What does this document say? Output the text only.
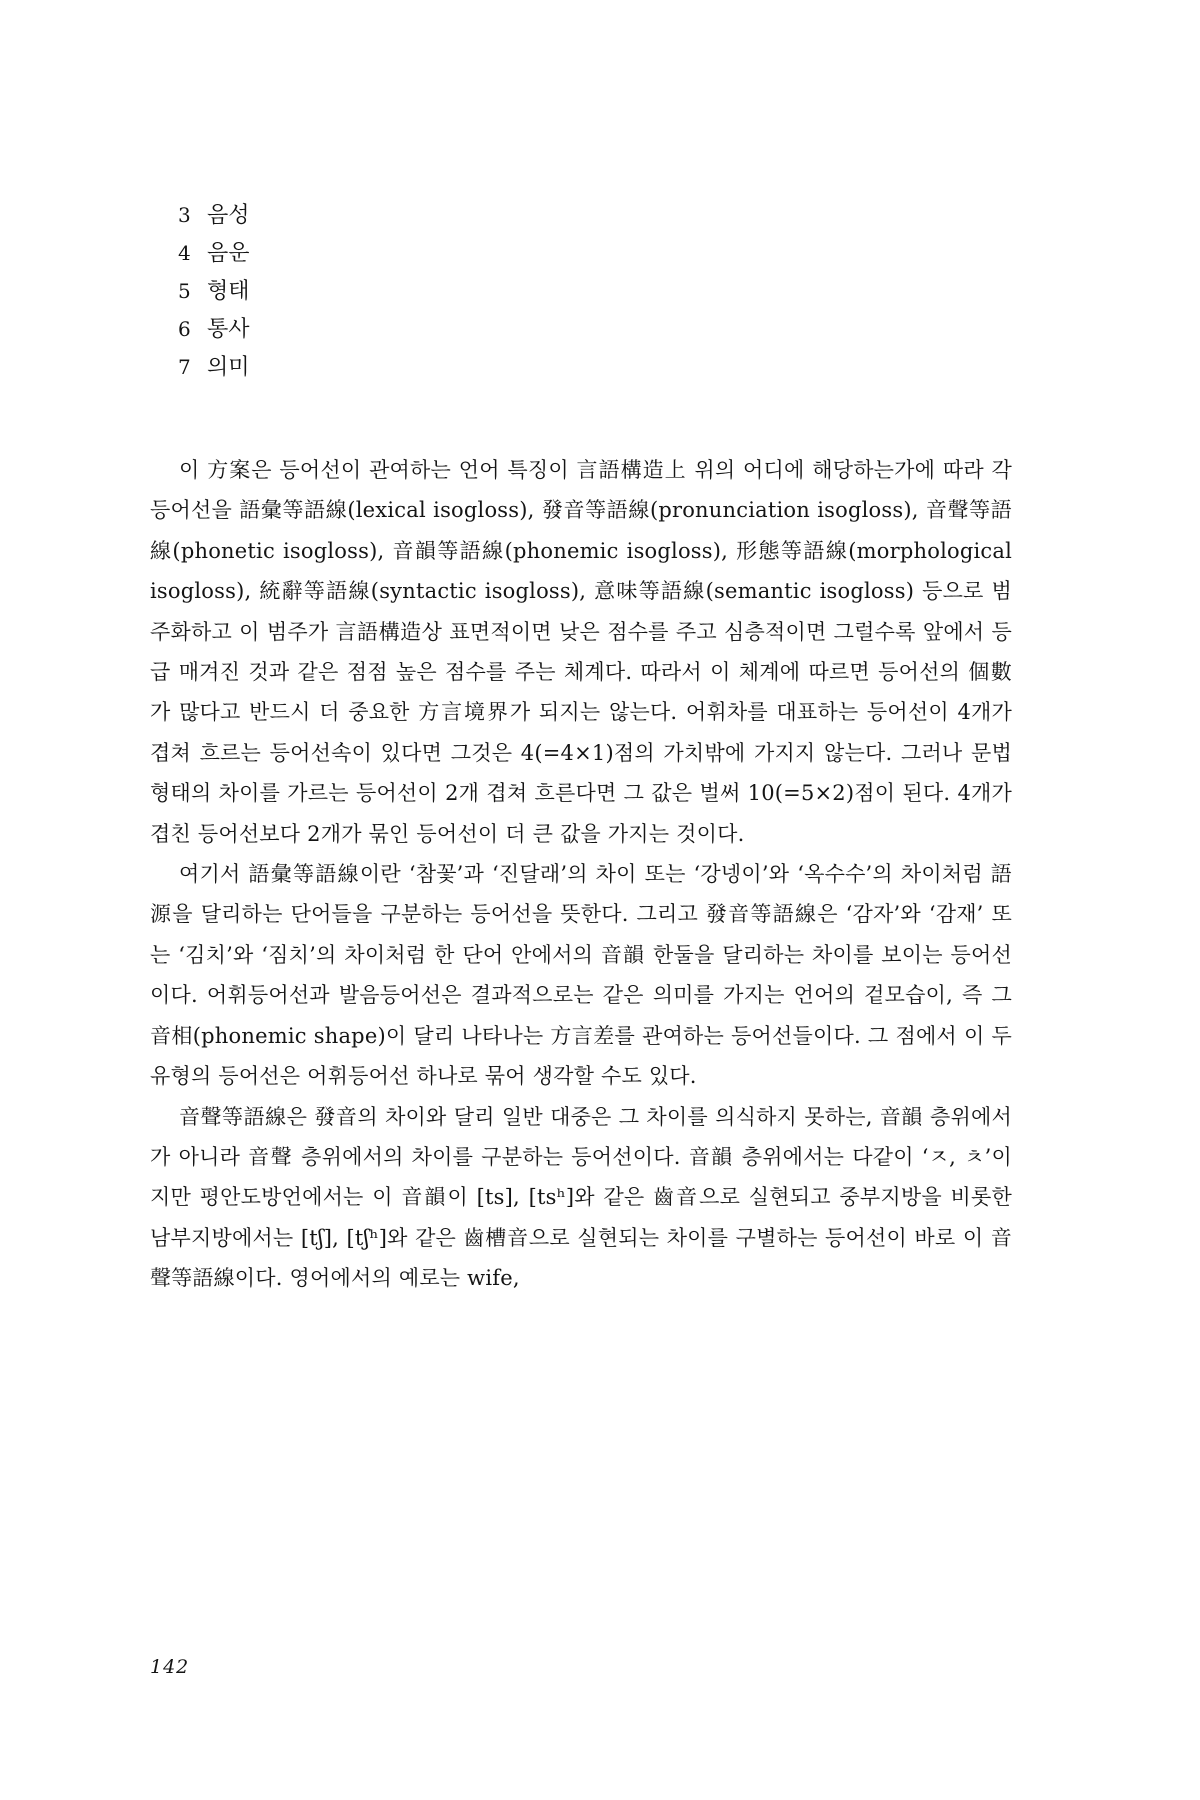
3 음성
4 음운
5 형태
6 통사
7 의미

이 方案은 등어선이 관여하는 언어 특징이 言語構造上 위의 어디에 해당하는가에 따라 각 등어선을 語彙等語線(lexical isogloss), 發音等語線(pronunciation isogloss), 音聲等語線(phonetic isogloss), 音韻等語線(phonemic isogloss), 形態等語線(morphological isogloss), 統辭等語線(syntactic isogloss), 意味等語線(semantic isogloss) 등으로 범주화하고 이 범주가 言語構造상 표면적이면 낮은 점수를 주고 심층적이면 그럴수록 앞에서 등급 매겨진 것과 같은 점점 높은 점수를 주는 체계다. 따라서 이 체계에 따르면 등어선의 個數가 많다고 반드시 더 중요한 方言境界가 되지는 않는다. 어휘차를 대표하는 등어선이 4개가 겹쳐 흐르는 등어선속이 있다면 그것은 4(=4×1)점의 가치밖에 가지지 않는다. 그러나 문법 형태의 차이를 가르는 등어선이 2개 겹쳐 흐른다면 그 값은 벌써 10(=5×2)점이 된다. 4개가 겹친 등어선보다 2개가 묶인 등어선이 더 큰 값을 가지는 것이다.

여기서 語彙等語線이란 ‘참꽃’과 ‘진달래’의 차이 또는 ‘강넹이’와 ‘옥수수’의 차이처럼 語源을 달리하는 단어들을 구분하는 등어선을 뜻한다. 그리고 發音等語線은 ‘감자’와 ‘감재’ 또는 ‘김치’와 ‘짐치’의 차이처럼 한 단어 안에서의 音韻 한둘을 달리하는 차이를 보이는 등어선이다. 어휘등어선과 발음등어선은 결과적으로는 같은 의미를 가지는 언어의 겉모습이, 즉 그 音相(phonemic shape)이 달리 나타나는 方言差를 관여하는 등어선들이다. 그 점에서 이 두 유형의 등어선은 어휘등어선 하나로 묶어 생각할 수도 있다.

音聲等語線은 發音의 차이와 달리 일반 대중은 그 차이를 의식하지 못하는, 音韻 층위에서가 아니라 音聲 층위에서의 차이를 구분하는 등어선이다. 音韻 층위에서는 다같이 ‘ㅈ, ㅊ’이지만 평안도방언에서는 이 音韻이 [ts], [tsʰ]와 같은 齒音으로 실현되고 중부지방을 비롯한 남부지방에서는 [tʃ], [tʃʰ]와 같은 齒槽音으로 실현되는 차이를 구별하는 등어선이 바로 이 音聲等語線이다. 영어에서의 예로는 wife,

142
